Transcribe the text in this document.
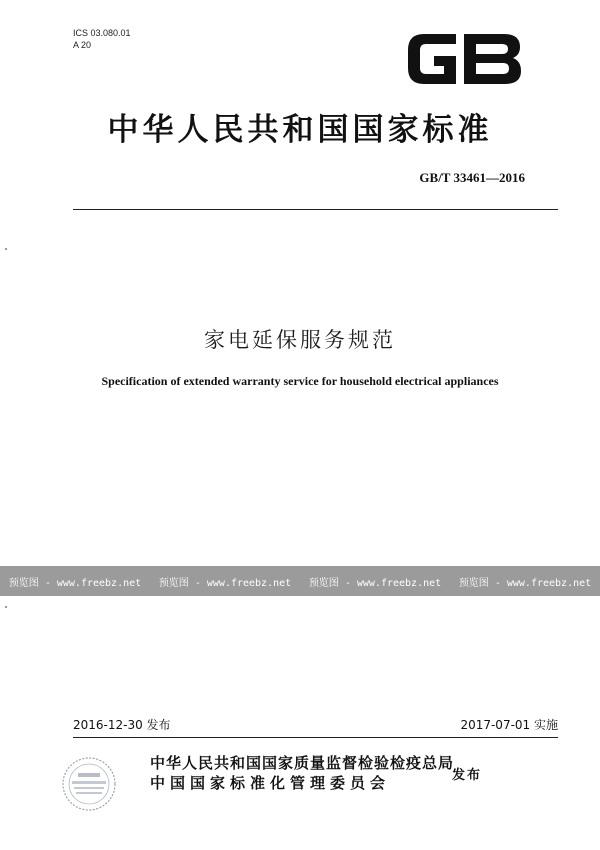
ICS 03.080.01
A 20
中华人民共和国国家标准
GB/T 33461—2016
家电延保服务规范
Specification of extended warranty service for household electrical appliances
预览图 - www.freebz.net 预览图 - www.freebz.net 预览图 - www.freebz.net 预览图 - www.freebz.net
2016-12-30 发布	2017-07-01 实施
中华人民共和国国家质量监督检验检疫总局
中国国家标准化管理委员会	发布
